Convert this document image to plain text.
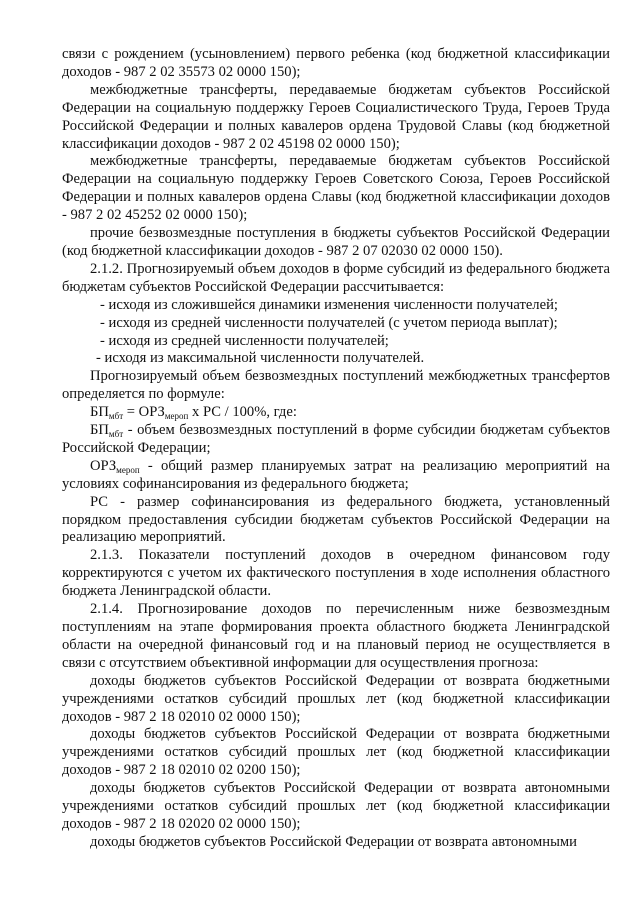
связи с рождением (усыновлением) первого ребенка (код бюджетной классификации доходов - 987 2 02 35573 02 0000 150);

межбюджетные трансферты, передаваемые бюджетам субъектов Российской Федерации на социальную поддержку Героев Социалистического Труда, Героев Труда Российской Федерации и полных кавалеров ордена Трудовой Славы (код бюджетной классификации доходов - 987 2 02 45198 02 0000 150);

межбюджетные трансферты, передаваемые бюджетам субъектов Российской Федерации на социальную поддержку Героев Советского Союза, Героев Российской Федерации и полных кавалеров ордена Славы (код бюджетной классификации доходов - 987 2 02 45252 02 0000 150);

прочие безвозмездные поступления в бюджеты субъектов Российской Федерации (код бюджетной классификации доходов - 987 2 07 02030 02 0000 150).

2.1.2. Прогнозируемый объем доходов в форме субсидий из федерального бюджета бюджетам субъектов Российской Федерации рассчитывается:

- исходя из сложившейся динамики изменения численности получателей;

- исходя из средней численности получателей (с учетом периода выплат);

- исходя из средней численности получателей;

- исходя из максимальной численности получателей.

Прогнозируемый объем безвозмездных поступлений межбюджетных трансфертов определяется по формуле:

$БП_{мбт} = ОРЗ_{мероп}$ x РС / 100%, где:

$БП_{мбт}$ - объем безвозмездных поступлений в форме субсидии бюджетам субъектов Российской Федерации;

$ОРЗ_{мероп}$ - общий размер планируемых затрат на реализацию мероприятий на условиях софинансирования из федерального бюджета;

РС - размер софинансирования из федерального бюджета, установленный порядком предоставления субсидии бюджетам субъектов Российской Федерации на реализацию мероприятий.

2.1.3. Показатели поступлений доходов в очередном финансовом году корректируются с учетом их фактического поступления в ходе исполнения областного бюджета Ленинградской области.

2.1.4. Прогнозирование доходов по перечисленным ниже безвозмездным поступлениям на этапе формирования проекта областного бюджета Ленинградской области на очередной финансовый год и на плановый период не осуществляется в связи с отсутствием объективной информации для осуществления прогноза:

доходы бюджетов субъектов Российской Федерации от возврата бюджетными учреждениями остатков субсидий прошлых лет (код бюджетной классификации доходов - 987 2 18 02010 02 0000 150);

доходы бюджетов субъектов Российской Федерации от возврата бюджетными учреждениями остатков субсидий прошлых лет (код бюджетной классификации доходов - 987 2 18 02010 02 0200 150);

доходы бюджетов субъектов Российской Федерации от возврата автономными учреждениями остатков субсидий прошлых лет (код бюджетной классификации доходов - 987 2 18 02020 02 0000 150);

доходы бюджетов субъектов Российской Федерации от возврата автономными
